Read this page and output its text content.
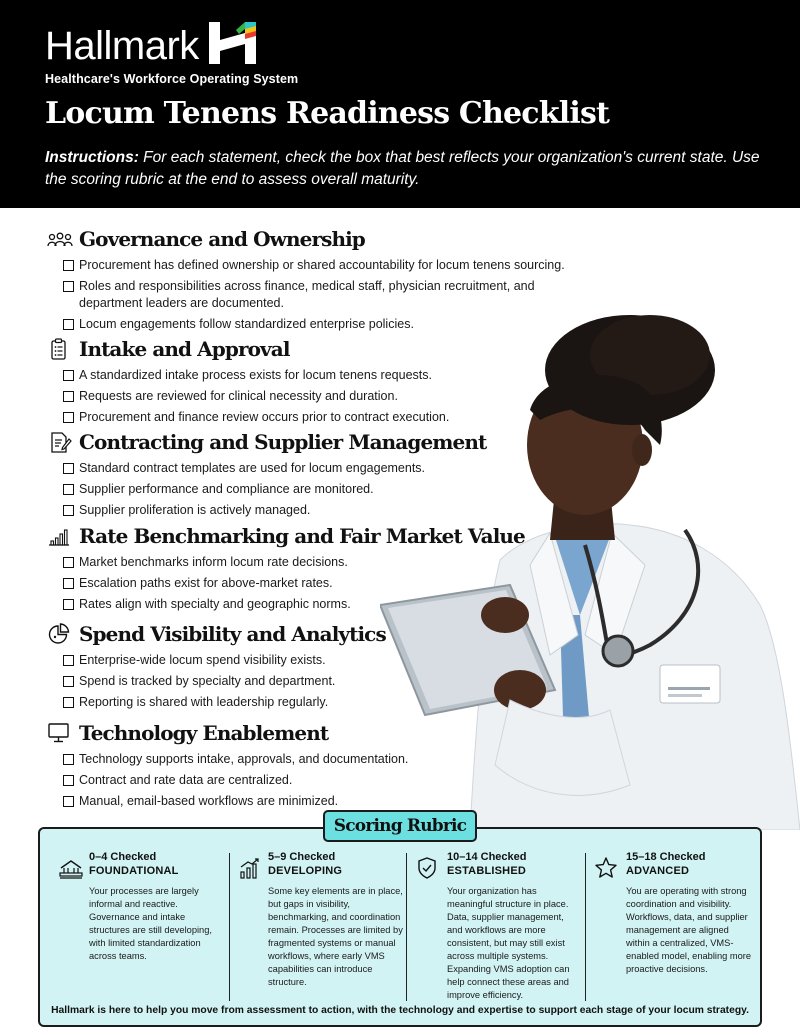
Hallmark
Healthcare's Workforce Operating System
Locum Tenens Readiness Checklist

Instructions: For each statement, check the box that best reflects your organization's current state. Use the scoring rubric at the end to assess overall maturity.

Governance and Ownership
Procurement has defined ownership or shared accountability for locum tenens sourcing.
Roles and responsibilities across finance, medical staff, physician recruitment, and department leaders are documented.
Locum engagements follow standardized enterprise policies.
Intake and Approval
A standardized intake process exists for locum tenens requests.
Requests are reviewed for clinical necessity and duration.
Procurement and finance review occurs prior to contract execution.
Contracting and Supplier Management
Standard contract templates are used for locum engagements.
Supplier performance and compliance are monitored.
Supplier proliferation is actively managed.
Rate Benchmarking and Fair Market Value
Market benchmarks inform locum rate decisions.
Escalation paths exist for above-market rates.
Rates align with specialty and geographic norms.
Spend Visibility and Analytics
Enterprise-wide locum spend visibility exists.
Spend is tracked by specialty and department.
Reporting is shared with leadership regularly.
Technology Enablement
Technology supports intake, approvals, and documentation.
Contract and rate data are centralized.
Manual, email-based workflows are minimized.
Scoring Rubric
0–4 Checked
FOUNDATIONAL
Your processes are largely informal and reactive. Governance and intake structures are still developing, with limited standardization across teams.
5–9 Checked
DEVELOPING
Some key elements are in place, but gaps in visibility, benchmarking, and coordination remain. Processes are limited by fragmented systems or manual workflows, where early VMS capabilities can introduce structure.
10–14 Checked
ESTABLISHED
Your organization has meaningful structure in place. Data, supplier management, and workflows are more consistent, but may still exist across multiple systems. Expanding VMS adoption can help connect these areas and improve efficiency.
15–18 Checked
ADVANCED
You are operating with strong coordination and visibility. Workflows, data, and supplier management are aligned within a centralized, VMS-enabled model, enabling more proactive decisions.
Hallmark is here to help you move from assessment to action, with the technology and expertise to support each stage of your locum strategy.
